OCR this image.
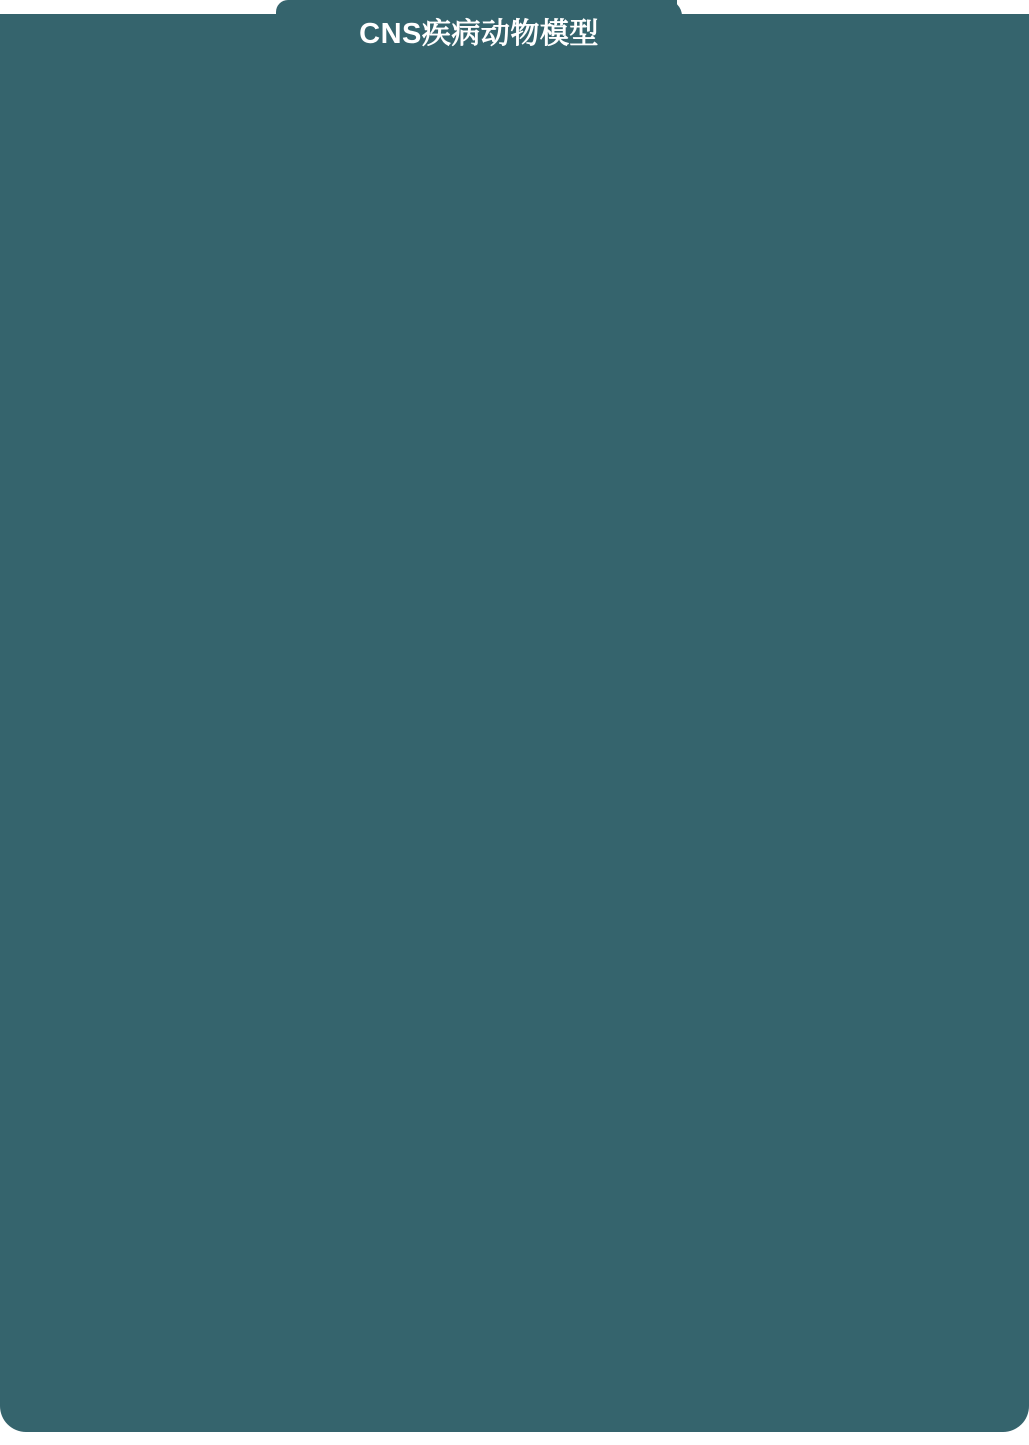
CNS疾病动物模型
